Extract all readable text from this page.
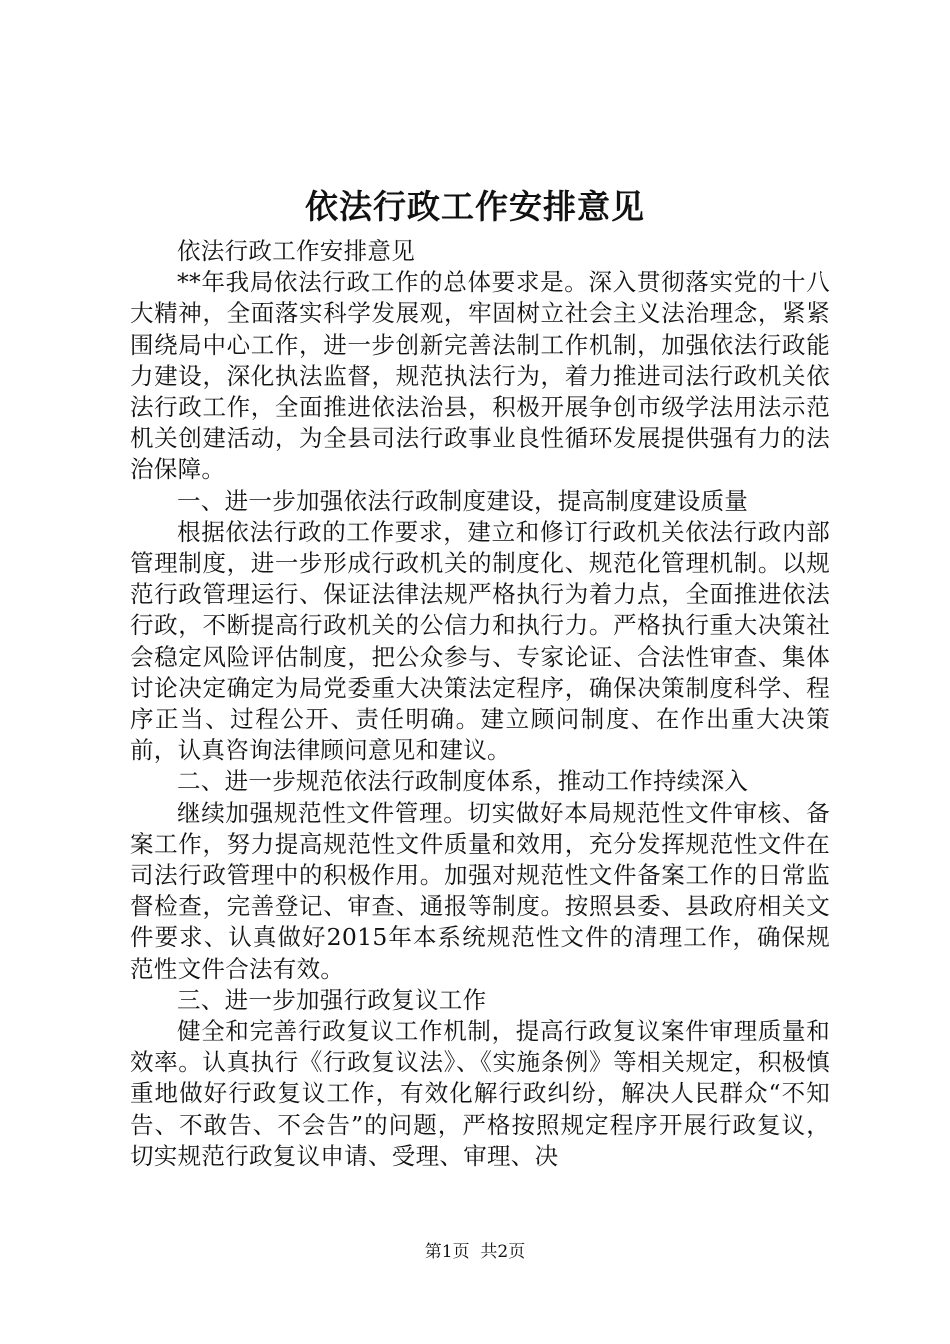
依法行政工作安排意见

依法行政工作安排意见

**年我局依法行政工作的总体要求是。深入贯彻落实党的十八大精神，全面落实科学发展观，牢固树立社会主义法治理念，紧紧围绕局中心工作，进一步创新完善法制工作机制，加强依法行政能力建设，深化执法监督，规范执法行为，着力推进司法行政机关依法行政工作，全面推进依法治县，积极开展争创市级学法用法示范机关创建活动，为全县司法行政事业良性循环发展提供强有力的法治保障。

一、进一步加强依法行政制度建设，提高制度建设质量

根据依法行政的工作要求，建立和修订行政机关依法行政内部管理制度，进一步形成行政机关的制度化、规范化管理机制。以规范行政管理运行、保证法律法规严格执行为着力点，全面推进依法行政，不断提高行政机关的公信力和执行力。严格执行重大决策社会稳定风险评估制度，把公众参与、专家论证、合法性审查、集体讨论决定确定为局党委重大决策法定程序，确保决策制度科学、程序正当、过程公开、责任明确。建立顾问制度、在作出重大决策前，认真咨询法律顾问意见和建议。

二、进一步规范依法行政制度体系，推动工作持续深入

继续加强规范性文件管理。切实做好本局规范性文件审核、备案工作，努力提高规范性文件质量和效用，充分发挥规范性文件在司法行政管理中的积极作用。加强对规范性文件备案工作的日常监督检查，完善登记、审查、通报等制度。按照县委、县政府相关文件要求、认真做好2015年本系统规范性文件的清理工作，确保规范性文件合法有效。

三、进一步加强行政复议工作

健全和完善行政复议工作机制，提高行政复议案件审理质量和效率。认真执行《行政复议法》、《实施条例》等相关规定，积极慎重地做好行政复议工作，有效化解行政纠纷，解决人民群众“不知告、不敢告、不会告”的问题，严格按照规定程序开展行政复议，切实规范行政复议申请、受理、审理、决

第1页  共2页
